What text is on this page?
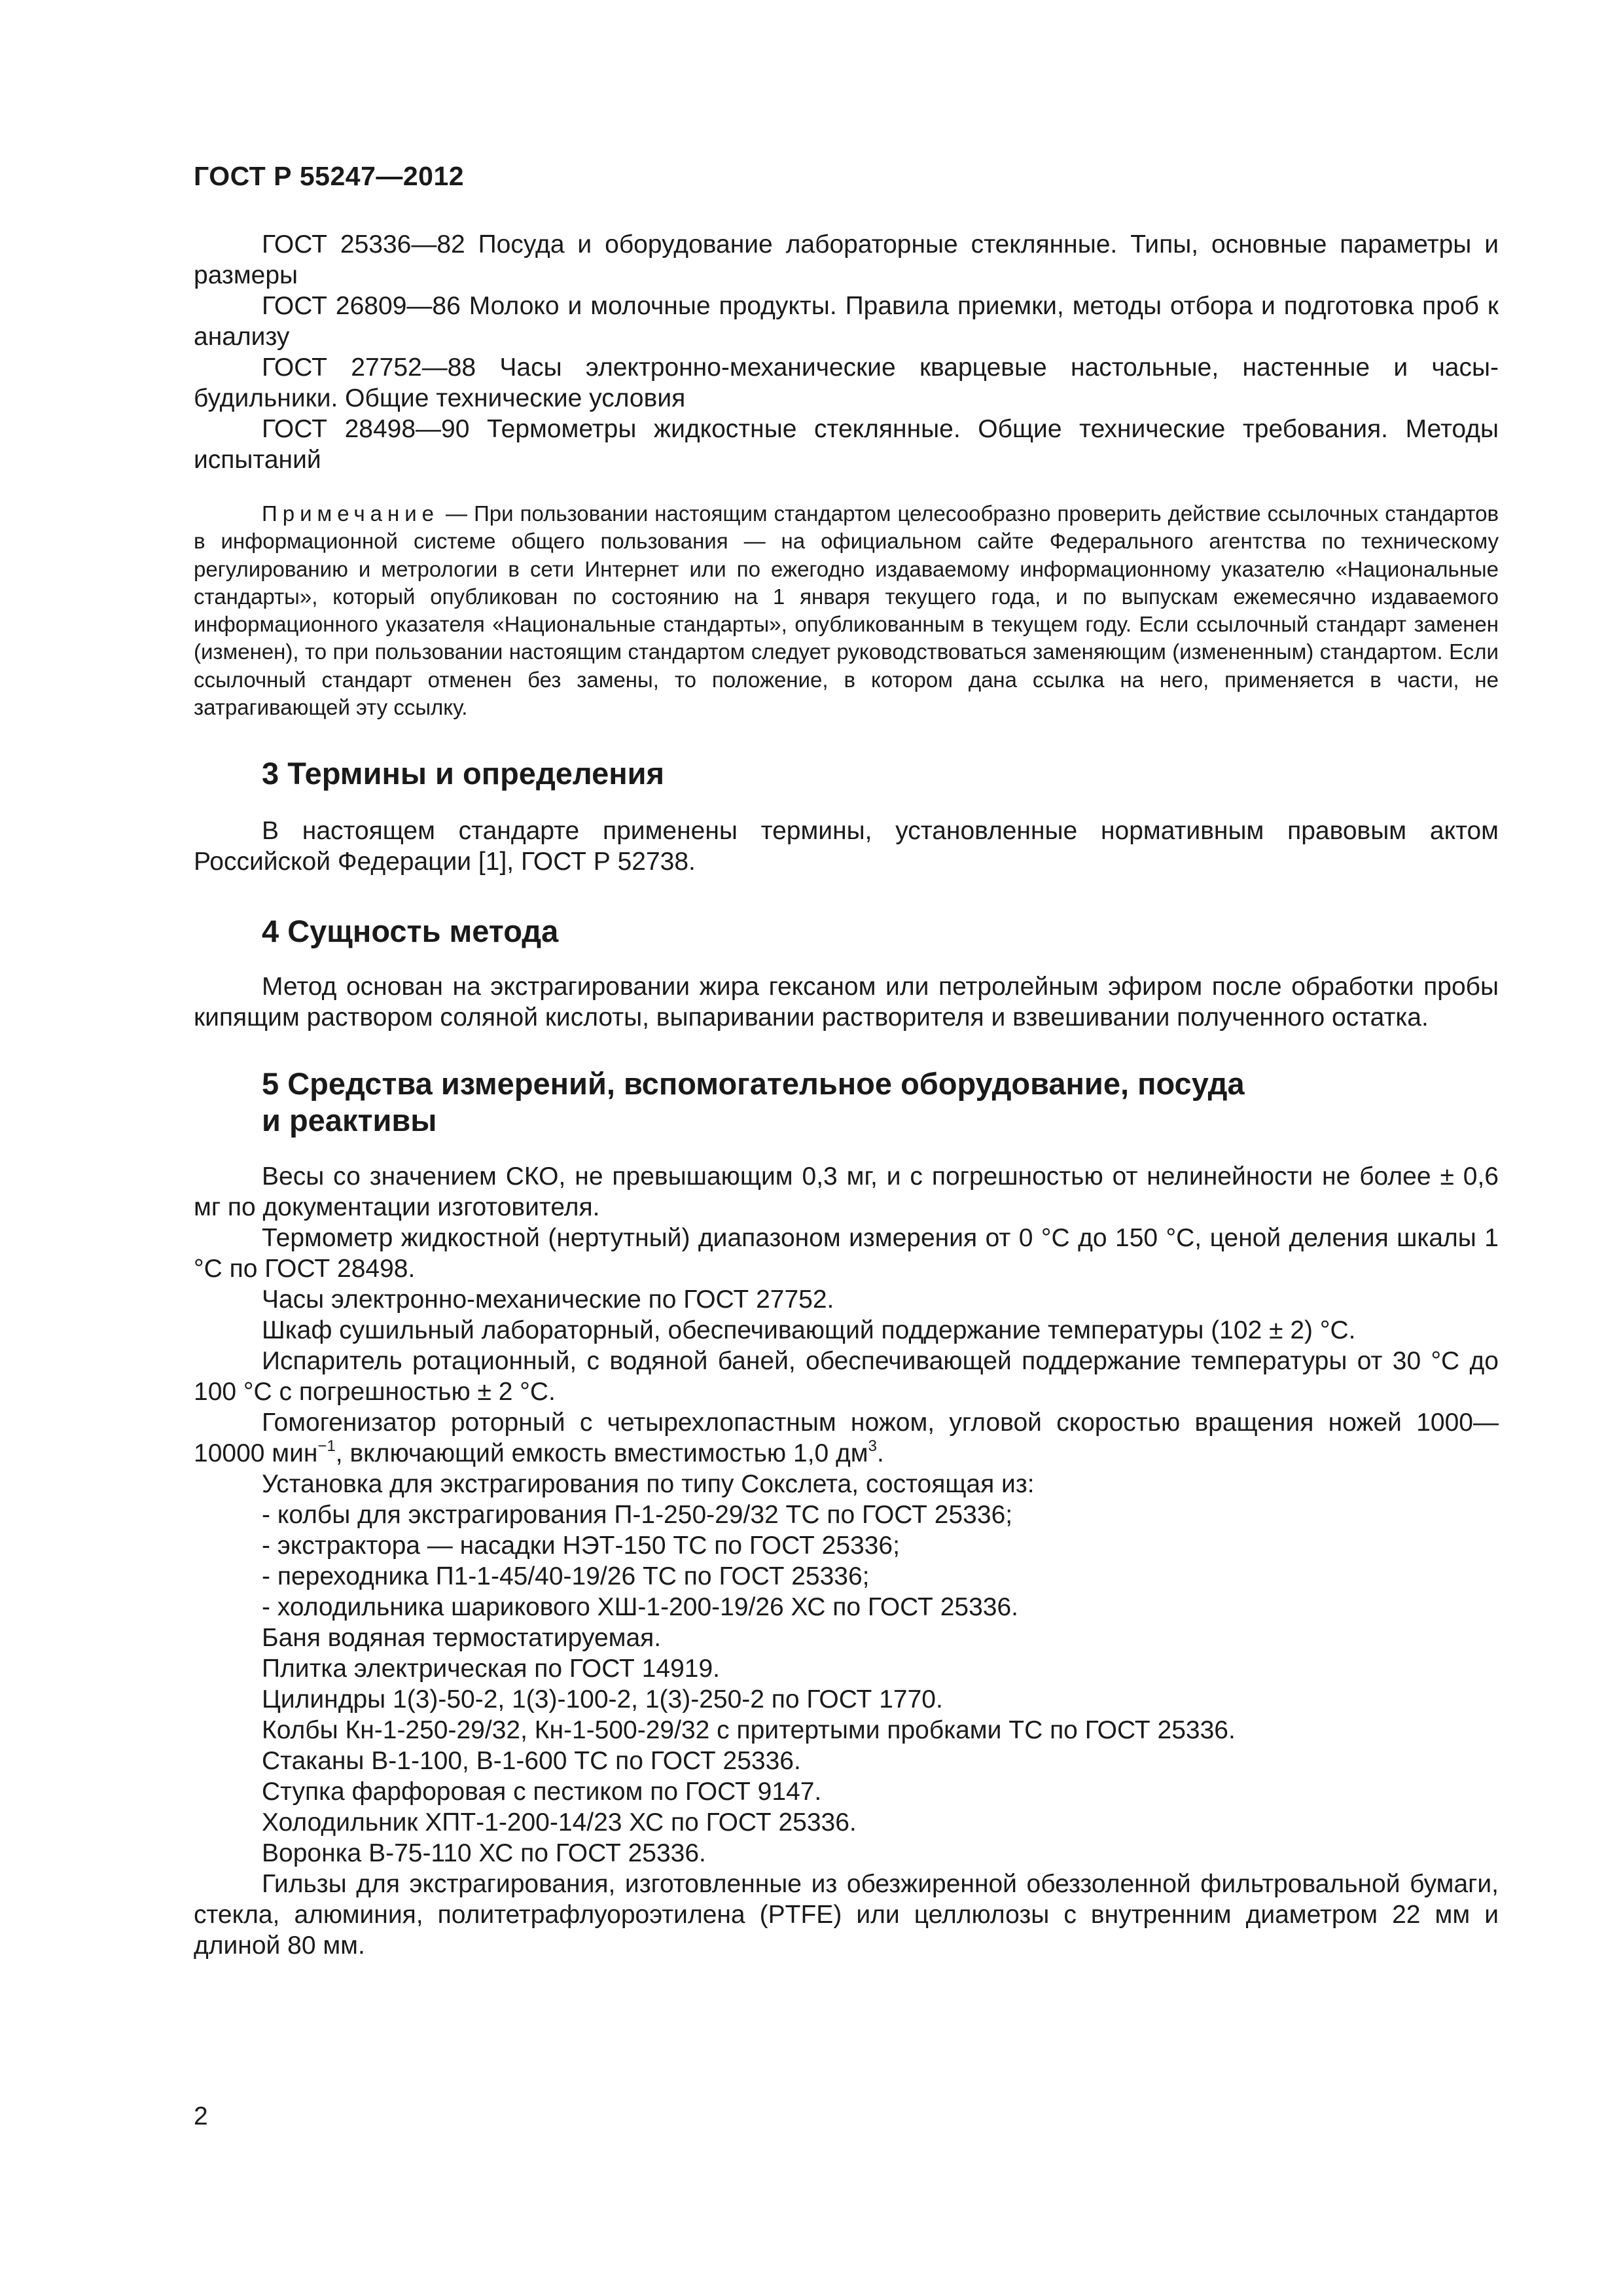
ГОСТ Р 55247—2012

ГОСТ 25336—82 Посуда и оборудование лабораторные стеклянные. Типы, основные параметры и размеры

ГОСТ 26809—86 Молоко и молочные продукты. Правила приемки, методы отбора и подготовка проб к анализу

ГОСТ 27752—88 Часы электронно-механические кварцевые настольные, настенные и часы-будильники. Общие технические условия

ГОСТ 28498—90 Термометры жидкостные стеклянные. Общие технические требования. Методы испытаний

Примечание — При пользовании настоящим стандартом целесообразно проверить действие ссылочных стандартов в информационной системе общего пользования — на официальном сайте Федерального агентства по техническому регулированию и метрологии в сети Интернет или по ежегодно издаваемому информационному указателю «Национальные стандарты», который опубликован по состоянию на 1 января текущего года, и по выпускам ежемесячно издаваемого информационного указателя «Национальные стандарты», опубликованным в текущем году. Если ссылочный стандарт заменен (изменен), то при пользовании настоящим стандартом следует руководствоваться заменяющим (измененным) стандартом. Если ссылочный стандарт отменен без замены, то положение, в котором дана ссылка на него, применяется в части, не затрагивающей эту ссылку.

3 Термины и определения

В настоящем стандарте применены термины, установленные нормативным правовым актом Российской Федерации [1], ГОСТ Р 52738.

4 Сущность метода

Метод основан на экстрагировании жира гексаном или петролейным эфиром после обработки пробы кипящим раствором соляной кислоты, выпаривании растворителя и взвешивании полученного остатка.

5 Средства измерений, вспомогательное оборудование, посуда
и реактивы

Весы со значением СКО, не превышающим 0,3 мг, и с погрешностью от нелинейности не более ± 0,6 мг по документации изготовителя.

Термометр жидкостной (нертутный) диапазоном измерения от 0 °С до 150 °С, ценой деления шкалы 1 °С по ГОСТ 28498.

Часы электронно-механические по ГОСТ 27752.

Шкаф сушильный лабораторный, обеспечивающий поддержание температуры (102 ± 2) °С.

Испаритель ротационный, с водяной баней, обеспечивающей поддержание температуры от 30 °С до 100 °С с погрешностью ± 2 °С.

Гомогенизатор роторный с четырехлопастным ножом, угловой скоростью вращения ножей 1000—10000 мин$^{-1}$, включающий емкость вместимостью 1,0 $дм^3$.

Установка для экстрагирования по типу Сокслета, состоящая из:

- колбы для экстрагирования П-1-250-29/32 ТС по ГОСТ 25336;

- экстрактора — насадки НЭТ-150 ТС по ГОСТ 25336;

- переходника П1-1-45/40-19/26 ТС по ГОСТ 25336;

- холодильника шарикового ХШ-1-200-19/26 ХС по ГОСТ 25336.

Баня водяная термостатируемая.

Плитка электрическая по ГОСТ 14919.

Цилиндры 1(3)-50-2, 1(3)-100-2, 1(3)-250-2 по ГОСТ 1770.

Колбы Кн-1-250-29/32, Кн-1-500-29/32 с притертыми пробками ТС по ГОСТ 25336.

Стаканы В-1-100, В-1-600 ТС по ГОСТ 25336.

Ступка фарфоровая с пестиком по ГОСТ 9147.

Холодильник ХПТ-1-200-14/23 ХС по ГОСТ 25336.

Воронка В-75-110 ХС по ГОСТ 25336.

Гильзы для экстрагирования, изготовленные из обезжиренной обеззоленной фильтровальной бумаги, стекла, алюминия, политетрафлуороэтилена (PTFE) или целлюлозы с внутренним диаметром 22 мм и длиной 80 мм.

2
